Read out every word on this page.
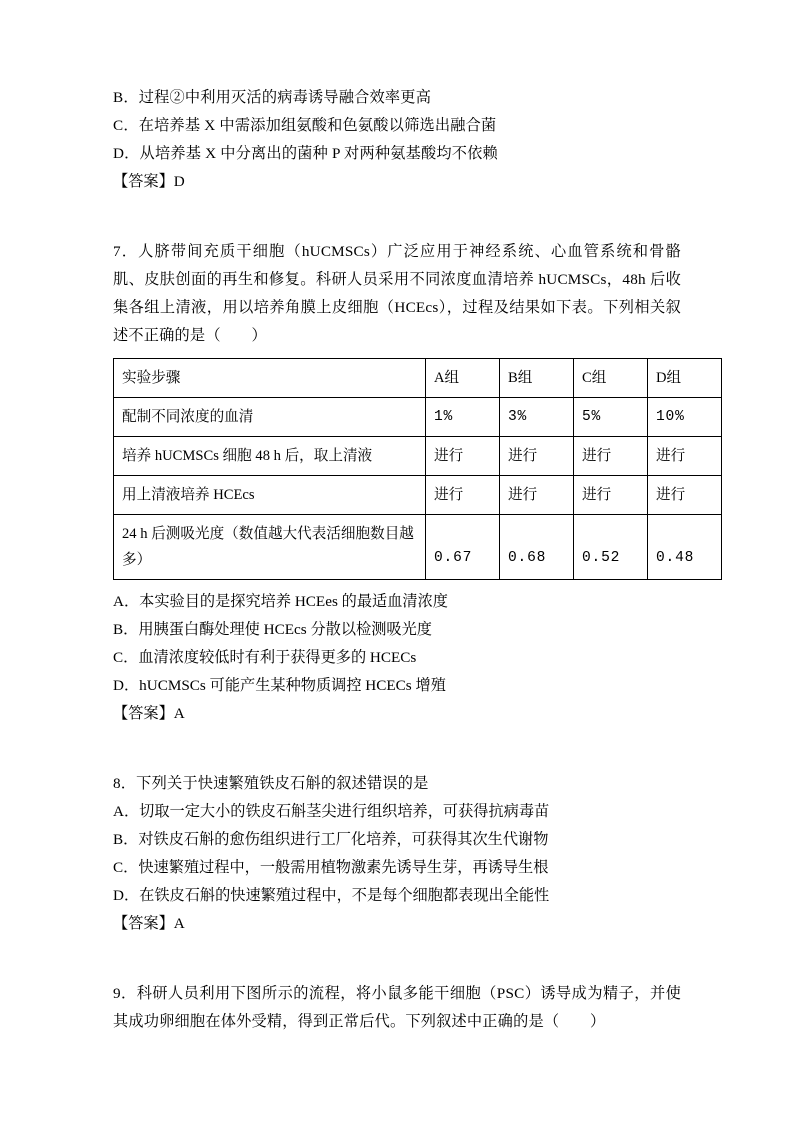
B．过程②中利用灭活的病毒诱导融合效率更高
C．在培养基 X 中需添加组氨酸和色氨酸以筛选出融合菌
D．从培养基 X 中分离出的菌种 P 对两种氨基酸均不依赖
【答案】D
7．人脐带间充质干细胞（hUCMSCs）广泛应用于神经系统、心血管系统和骨骼肌、皮肤创面的再生和修复。科研人员采用不同浓度血清培养 hUCMSCs，48h 后收集各组上清液，用以培养角膜上皮细胞（HCEcs），过程及结果如下表。下列相关叙述不正确的是（　　）
实验步骤	A组	B组	C组	D组
配制不同浓度的血清	1%	3%	5%	10%
培养 hUCMSCs 细胞 48 h 后，取上清液	进行	进行	进行	进行
用上清液培养 HCEcs	进行	进行	进行	进行
24 h 后测吸光度（数值越大代表活细胞数目越多）	0.67	0.68	0.52	0.48
A．本实验目的是探究培养 HCEes 的最适血清浓度
B．用胰蛋白酶处理使 HCEcs 分散以检测吸光度
C．血清浓度较低时有利于获得更多的 HCECs
D．hUCMSCs 可能产生某种物质调控 HCECs 增殖
【答案】A
8．下列关于快速繁殖铁皮石斛的叙述错误的是
A．切取一定大小的铁皮石斛茎尖进行组织培养，可获得抗病毒苗
B．对铁皮石斛的愈伤组织进行工厂化培养，可获得其次生代谢物
C．快速繁殖过程中，一般需用植物激素先诱导生芽，再诱导生根
D．在铁皮石斛的快速繁殖过程中，不是每个细胞都表现出全能性
【答案】A
9．科研人员利用下图所示的流程，将小鼠多能干细胞（PSC）诱导成为精子，并使其成功卵细胞在体外受精，得到正常后代。下列叙述中正确的是（　　）
